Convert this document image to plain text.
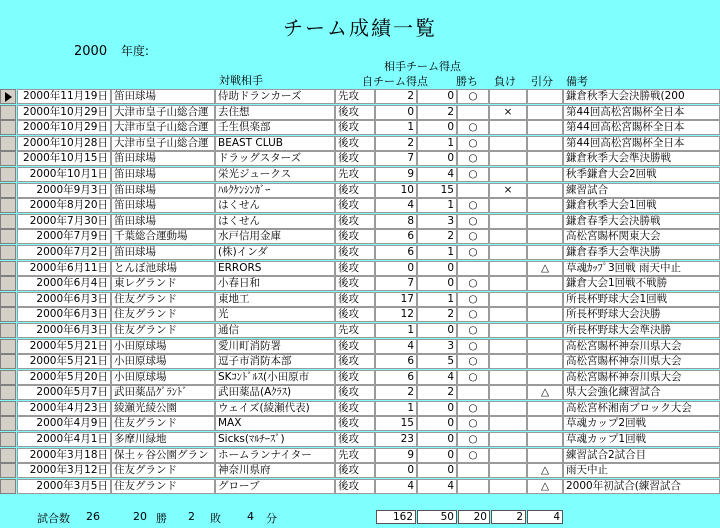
チーム成績一覧
2000 年度:
対戦相手
相手チーム得点
自チーム得点	勝ち 負け 引分 備考
2000年11月19日 笛田球場	侍助ドランカーズ	先攻	2	0	○	鎌倉秋季大会決勝戦(200
2000年10月29日 大津市皇子山総合運 去住想	後攻	0	2	×	第44回高松宮賜杯全日本
2000年10月29日 大津市皇子山総合運 壬生倶楽部	後攻	1	0	○	第44回高松宮賜杯全日本
2000年10月28日 大津市皇子山総合運 BEAST CLUB	後攻	2	1	○	第44回高松宮賜杯全日本
2000年10月15日 笛田球場	ドラッグスターズ	後攻	7	0	○	鎌倉秋季大会準決勝戦
2000年10月1日 笛田球場	栄光ジュークス	先攻	9	4	○	秋季鎌倉大会2回戦
2000年9月3日 笛田球場	ﾊﾙｸｹﾝｼﾝｶﾞｰ	後攻	10	15	×	練習試合
2000年8月20日 笛田球場	はくせん	後攻	4	1	○	鎌倉秋季大会1回戦
2000年7月30日 笛田球場	はくせん	後攻	8	3	○	鎌倉春季大会決勝戦
2000年7月9日 千葉総合運動場	水戸信用金庫	後攻	6	2	○	高松宮賜杯関東大会
2000年7月2日 笛田球場	(株)インダ	後攻	6	1	○	鎌倉春季大会準決勝
2000年6月11日 とんぼ池球場	ERRORS	後攻	0	0	△	草魂ｶｯﾌﾟ3回戦 雨天中止
2000年6月4日 東レグランド	小春日和	後攻	7	0	○	鎌倉大会1回戦不戦勝
2000年6月3日 住友グランド	東地工	後攻	17	1	○	所長杯野球大会1回戦
2000年6月3日 住友グランド	光	後攻	12	2	○	所長杯野球大会決勝
2000年6月3日 住友グランド	通信	先攻	1	0	○	所長杯野球大会準決勝
2000年5月21日 小田原球場	愛川町消防署	後攻	4	3	○	高松宮賜杯神奈川県大会
2000年5月21日 小田原球場	逗子市消防本部	後攻	6	5	○	高松宮賜杯神奈川県大会
2000年5月20日 小田原球場	SKｺﾝﾄﾞﾙｽ(小田原市	後攻	6	4	○	高松宮賜杯神奈川県大会
2000年5月7日 武田薬品ｸﾞﾗﾝﾄﾞ	武田薬品(Aｸﾗｽ)	後攻	2	2	△	県大会強化練習試合
2000年4月23日 綾瀬光綾公園	ウェイズ(綾瀬代表)	後攻	1	0	○	高松宮杯湘南ブロック大会
2000年4月9日 住友グランド	MAX	後攻	15	0	○	草魂カップ2回戦
2000年4月1日 多摩川緑地	Sicks(ﾏﾙﾁｰｽﾞ)	後攻	23	0	○	草魂カップ1回戦
2000年3月18日 保土ヶ谷公園グラン ホームランナイター	先攻	9	0	○	練習試合2試合目
2000年3月12日 住友グランド	神奈川県府	後攻	0	0	△	雨天中止
2000年3月5日 住友グランド	グローブ	後攻	4	4	△	2000年初試合(練習試合
試合数 26	20 勝 2 敗 4 分	162	50	20	2	4
